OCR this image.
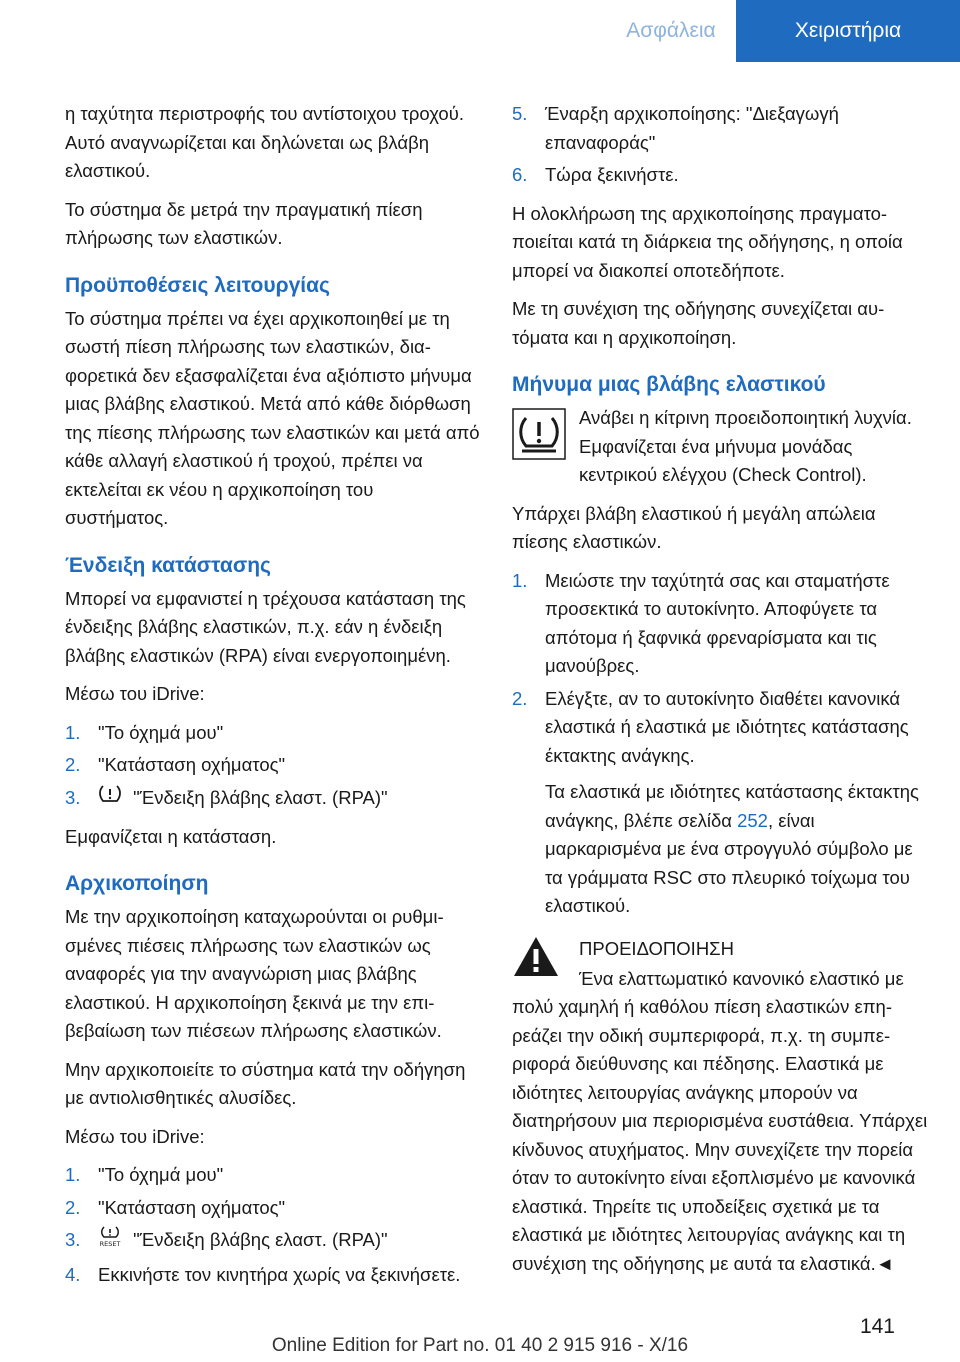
Ασφάλεια	Χειριστήρια

η ταχύτητα περιστροφής του αντίστοιχου τροχού. Αυτό αναγνωρίζεται και δηλώνεται ως βλάβη ελαστικού.

Το σύστημα δε μετρά την πραγματική πίεση πλήρωσης των ελαστικών.

Προϋποθέσεις λειτουργίας

Το σύστημα πρέπει να έχει αρχικοποιηθεί με τη σωστή πίεση πλήρωσης των ελαστικών, διαφορετικά δεν εξασφαλίζεται ένα αξιόπιστο μήνυμα μιας βλάβης ελαστικού. Μετά από κάθε διόρθωση της πίεσης πλήρωσης των ελαστικών και μετά από κάθε αλλαγή ελαστικού ή τροχού, πρέπει να εκτελείται εκ νέου η αρχικοποίηση του συστήματος.

Ένδειξη κατάστασης

Μπορεί να εμφανιστεί η τρέχουσα κατάσταση της ένδειξης βλάβης ελαστικών, π.χ. εάν η ένδειξη βλάβης ελαστικών (RPA) είναι ενεργοποιημένη.

Μέσω του iDrive:

1. "Το όχημά μου"
2. "Κατάσταση οχήματος"
3.	"Ένδειξη βλάβης ελαστ. (RPA)"

Εμφανίζεται η κατάσταση.

Αρχικοποίηση

Με την αρχικοποίηση καταχωρούνται οι ρυθμισμένες πιέσεις πλήρωσης των ελαστικών ως αναφορές για την αναγνώριση μιας βλάβης ελαστικού. Η αρχικοποίηση ξεκινά με την επιβεβαίωση των πιέσεων πλήρωσης ελαστικών.

Μην αρχικοποιείτε το σύστημα κατά την οδήγηση με αντιολισθητικές αλυσίδες.

Μέσω του iDrive:

1. "Το όχημά μου"
2. "Κατάσταση οχήματος"
3.	RESET "Ένδειξη βλάβης ελαστ. (RPA)"
4. Εκκινήστε τον κινητήρα χωρίς να ξεκινήσετε.
5. Έναρξη αρχικοποίησης: "Διεξαγωγή επαναφοράς"
6. Τώρα ξεκινήστε.

Η ολοκλήρωση της αρχικοποίησης πραγματοποιείται κατά τη διάρκεια της οδήγησης, η οποία μπορεί να διακοπεί οποτεδήποτε.

Με τη συνέχιση της οδήγησης συνεχίζεται αυτόματα και η αρχικοποίηση.

Μήνυμα μιας βλάβης ελαστικού

Ανάβει η κίτρινη προειδοποιητική λυχνία. Εμφανίζεται ένα μήνυμα μονάδας κεντρικού ελέγχου (Check Control).

Υπάρχει βλάβη ελαστικού ή μεγάλη απώλεια πίεσης ελαστικών.

1. Μειώστε την ταχύτητά σας και σταματήστε προσεκτικά το αυτοκίνητο. Αποφύγετε τα απότομα ή ξαφνικά φρεναρίσματα και τις μανούβρες.
2. Ελέγξτε, αν το αυτοκίνητο διαθέτει κανονικά ελαστικά ή ελαστικά με ιδιότητες κατάστασης έκτακτης ανάγκης.
Τα ελαστικά με ιδιότητες κατάστασης έκτακτης ανάγκης, βλέπε σελίδα 252, είναι μαρκαρισμένα με ένα στρογγυλό σύμβολο με τα γράμματα RSC στο πλευρικό τοίχωμα του ελαστικού.
ΠΡΟΕΙΔΟΠΟΙΗΣΗ

Ένα ελαττωματικό κανονικό ελαστικό με πολύ χαμηλή ή καθόλου πίεση ελαστικών επηρεάζει την οδική συμπεριφορά, π.χ. τη συμπεριφορά διεύθυνσης και πέδησης. Ελαστικά με ιδιότητες λειτουργίας ανάγκης μπορούν να διατηρήσουν μια περιορισμένα ευστάθεια. Υπάρχει κίνδυνος ατυχήματος. Μην συνεχίζετε την πορεία όταν το αυτοκίνητο είναι εξοπλισμένο με κανονικά ελαστικά. Τηρείτε τις υποδείξεις σχετικά με τα ελαστικά με ιδιότητες λειτουργίας ανάγκης και τη συνέχιση της οδήγησης με αυτά τα ελαστικά.◄

141
Online Edition for Part no. 01 40 2 915 916 - X/16
